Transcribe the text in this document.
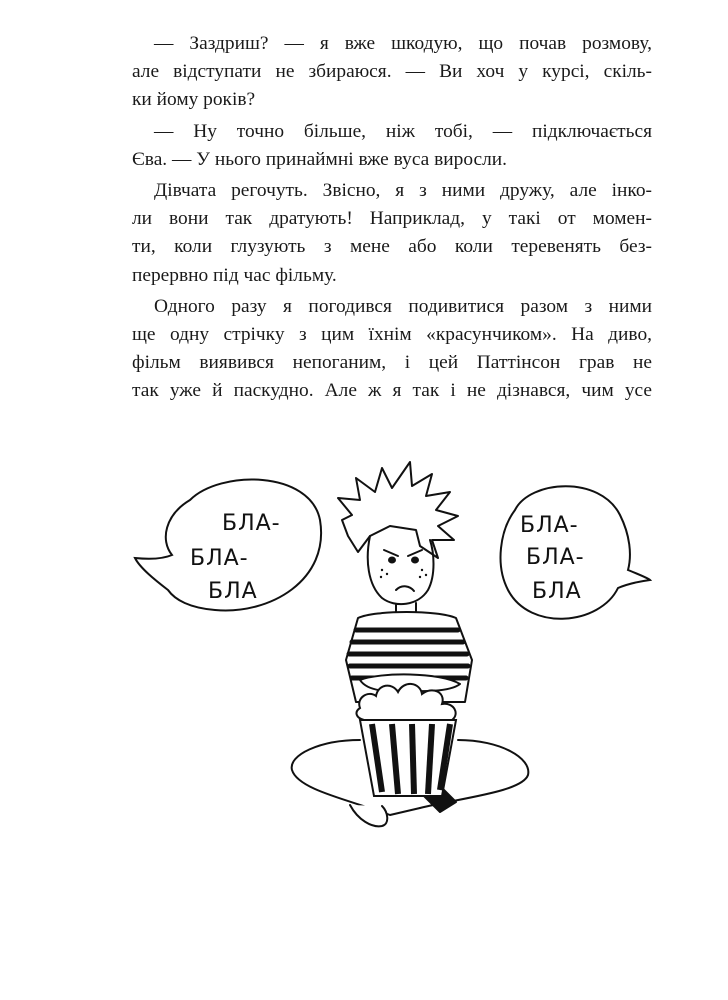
— Заздриш? — я вже шкодую, що почав розмову,
але відступати не збираюся. — Ви хоч у курсі, скіль-
ки йому років?

— Ну точно більше, ніж тобі, — підключається
Єва. — У нього принаймні вже вуса виросли.

Дівчата регочуть. Звісно, я з ними дружу, але інко-
ли вони так дратують! Наприклад, у такі от момен-
ти, коли глузують з мене або коли теревенять без-
перервно під час фільму.

Одного разу я погодився подивитися разом з ними
ще одну стрічку з цим їхнім «красунчиком». На диво,
фільм виявився непоганим, і цей Паттінсон грав не
так уже й паскудно. Але ж я так і не дізнався, чим усе

БЛА-
БЛА-
БЛА
БЛА-
БЛА-
БЛА
